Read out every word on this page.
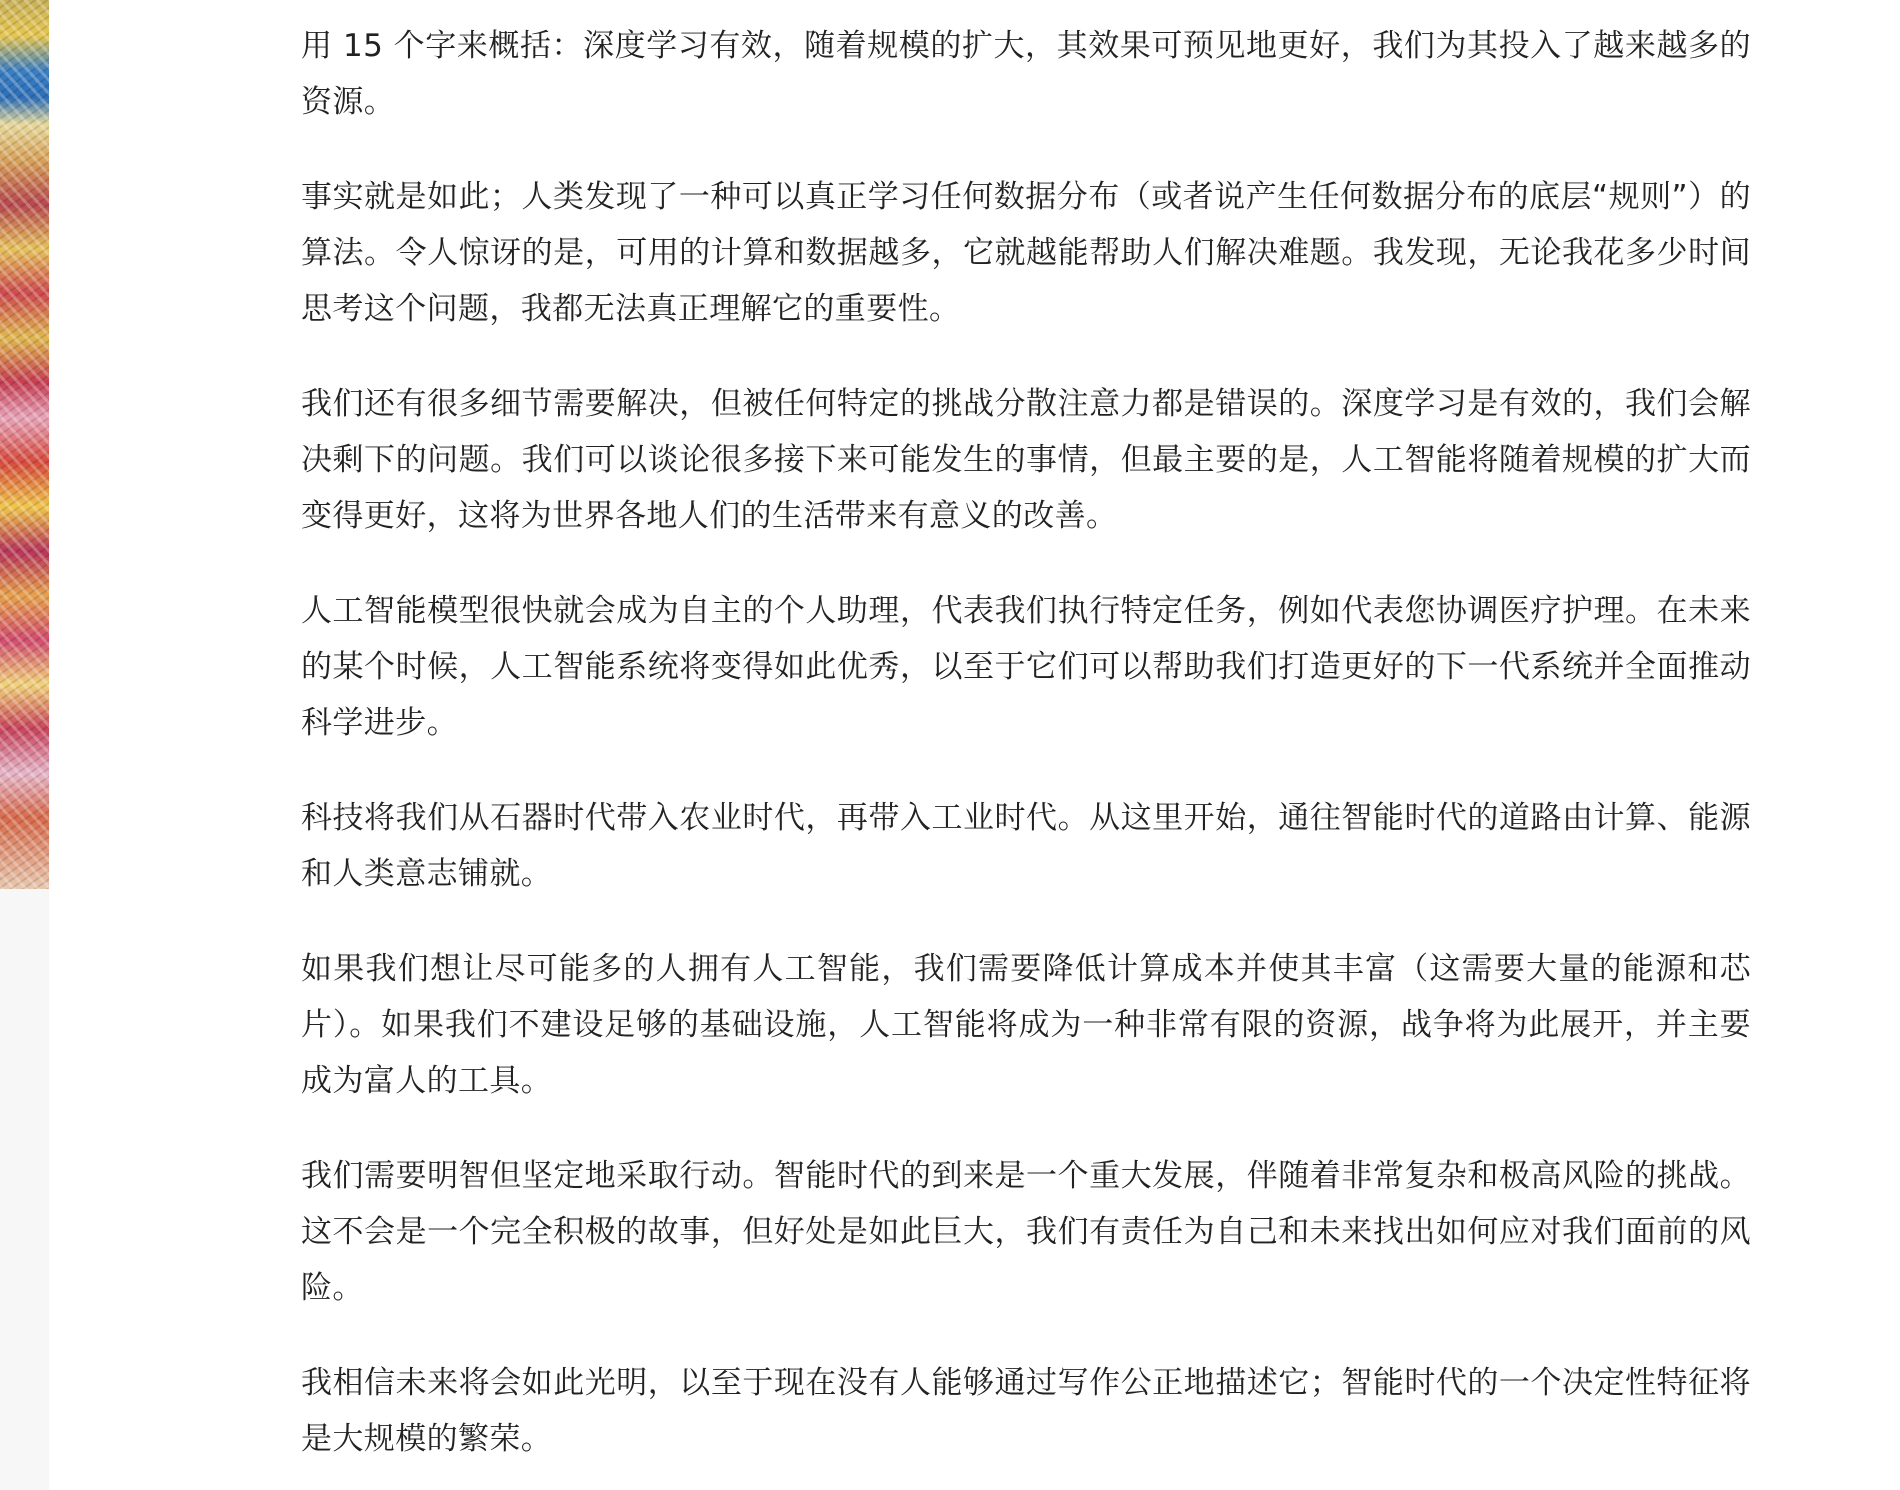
用 15 个字来概括：深度学习有效，随着规模的扩大，其效果可预见地更好，我们为其投入了越来越多的资源。

事实就是如此；人类发现了一种可以真正学习任何数据分布（或者说产生任何数据分布的底层“规则”）的算法。令人惊讶的是，可用的计算和数据越多，它就越能帮助人们解决难题。我发现，无论我花多少时间思考这个问题，我都无法真正理解它的重要性。

我们还有很多细节需要解决，但被任何特定的挑战分散注意力都是错误的。深度学习是有效的，我们会解决剩下的问题。我们可以谈论很多接下来可能发生的事情，但最主要的是，人工智能将随着规模的扩大而变得更好，这将为世界各地人们的生活带来有意义的改善。

人工智能模型很快就会成为自主的个人助理，代表我们执行特定任务，例如代表您协调医疗护理。在未来的某个时候，人工智能系统将变得如此优秀，以至于它们可以帮助我们打造更好的下一代系统并全面推动科学进步。

科技将我们从石器时代带入农业时代，再带入工业时代。从这里开始，通往智能时代的道路由计算、能源和人类意志铺就。

如果我们想让尽可能多的人拥有人工智能，我们需要降低计算成本并使其丰富（这需要大量的能源和芯片）。如果我们不建设足够的基础设施，人工智能将成为一种非常有限的资源，战争将为此展开，并主要成为富人的工具。

我们需要明智但坚定地采取行动。智能时代的到来是一个重大发展，伴随着非常复杂和极高风险的挑战。这不会是一个完全积极的故事，但好处是如此巨大，我们有责任为自己和未来找出如何应对我们面前的风险。

我相信未来将会如此光明，以至于现在没有人能够通过写作公正地描述它；智能时代的一个决定性特征将是大规模的繁荣。
